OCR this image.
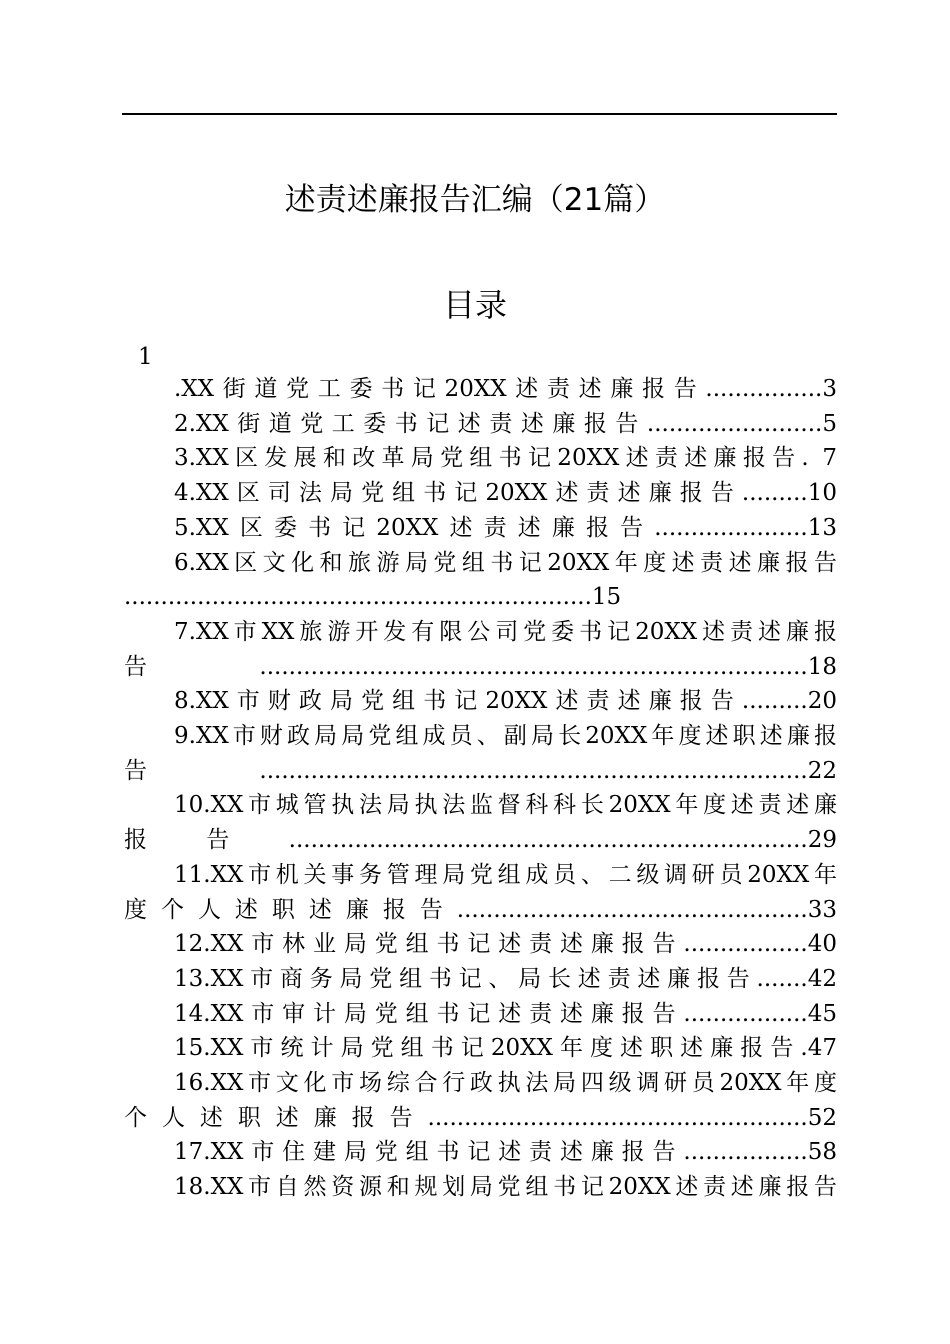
述责述廉报告汇编（21篇）
目录
1

.XX街道党工委书记20XX述责述廉报告................3

2.XX街道党工委书记述责述廉报告........................5

3.XX区发展和改革局党组书记20XX述责述廉报告. 7

4.XX区司法局党组书记20XX述责述廉报告.........10

5.XX区委书记20XX述责述廉报告.....................13

6.XX区文化和旅游局党组书记20XX年度述责述廉报告

................................................................15

7.XX市XX旅游开发有限公司党委书记20XX述责述廉报

告...........................................................................18

8.XX市财政局党组书记20XX述责述廉报告.........20

9.XX市财政局局党组成员、副局长20XX年度述职述廉报

告...........................................................................22

10.XX市城管执法局执法监督科科长20XX年度述责述廉

报告.......................................................................29

11.XX市机关事务管理局党组成员、二级调研员20XX年

度个人述职述廉报告................................................33

12.XX市林业局党组书记述责述廉报告.................40

13.XX市商务局党组书记、局长述责述廉报告.......42

14.XX市审计局党组书记述责述廉报告.................45

15.XX市统计局党组书记20XX年度述职述廉报告.47

16.XX市文化市场综合行政执法局四级调研员20XX年度

个人述职述廉报告....................................................52

17.XX市住建局党组书记述责述廉报告.................58

18.XX市自然资源和规划局党组书记20XX述责述廉报告
